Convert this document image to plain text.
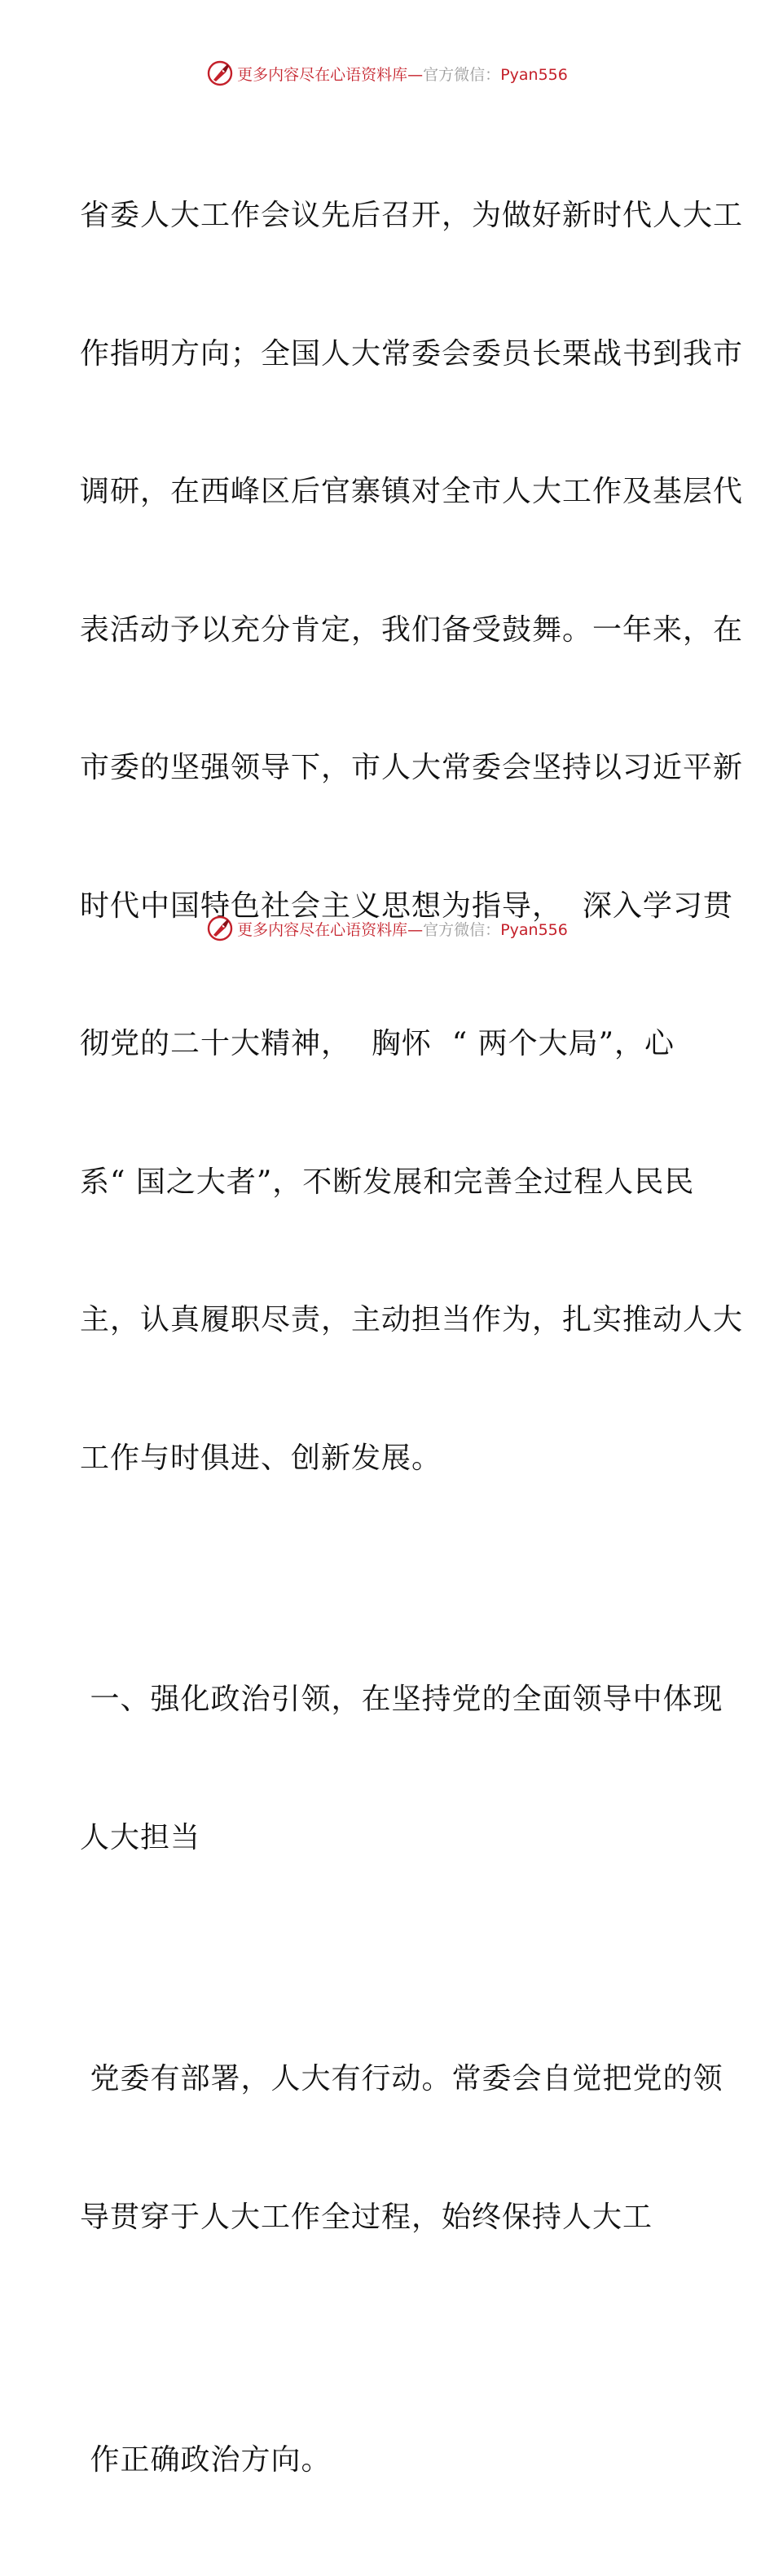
更多内容尽在心语资料库—官方微信：Pyan556

省委人大工作会议先后召开，为做好新时代人大工

作指明方向；全国人大常委会委员长栗战书到我市

调研，在西峰区后官寨镇对全市人大工作及基层代

表活动予以充分肯定，我们备受鼓舞。一年来，在

市委的坚强领导下，市人大常委会坚持以习近平新

时代中国特色社会主义思想为指导，  深入学习贯

彻党的二十大精神，  胸怀  “ 两个大局”，心

系“ 国之大者”，不断发展和完善全过程人民民

主，认真履职尽责，主动担当作为，扎实推动人大

工作与时俱进、创新发展。

一、强化政治引领，在坚持党的全面领导中体现

人大担当

党委有部署，人大有行动。常委会自觉把党的领

导贯穿于人大工作全过程，始终保持人大工

作正确政治方向。

更多内容尽在心语资料库—官方微信：Pyan556
